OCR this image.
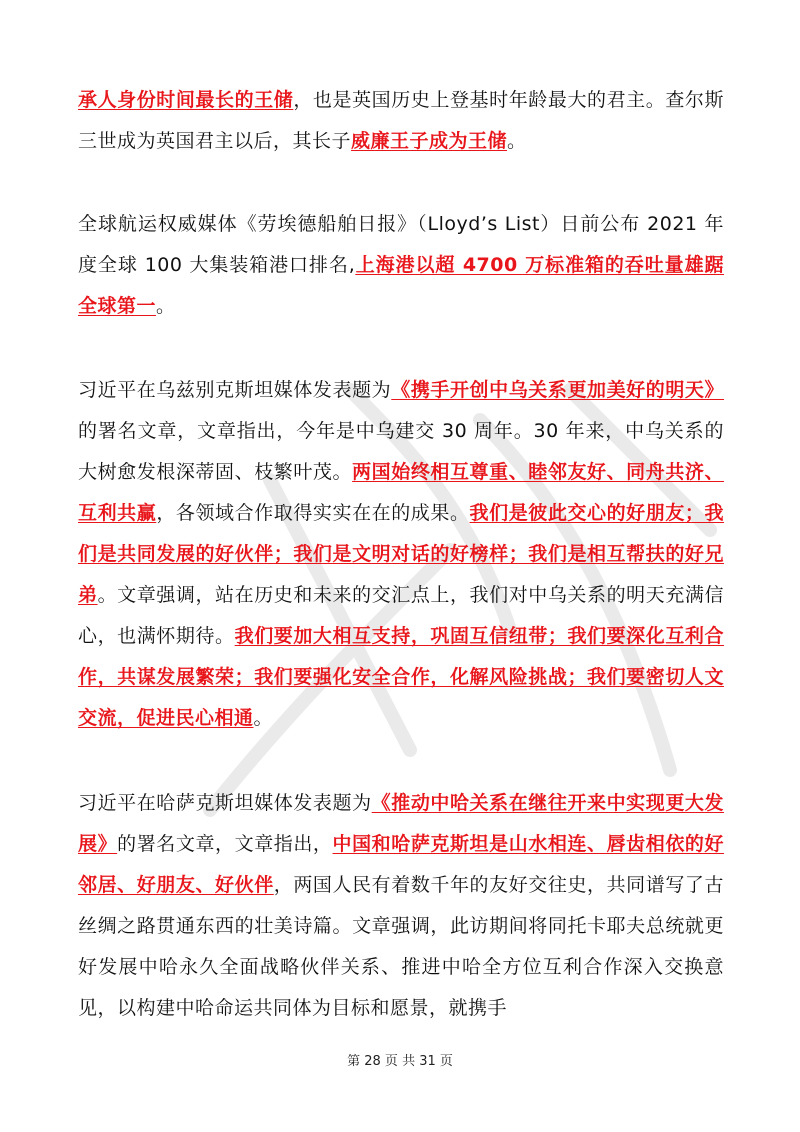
承人身份时间最长的王储，也是英国历史上登基时年龄最大的君主。查尔斯三世成为英国君主以后，其长子威廉王子成为王储。

全球航运权威媒体《劳埃德船舶日报》（Lloyd’s List）日前公布 2021 年度全球 100 大集装箱港口排名,上海港以超 4700 万标准箱的吞吐量雄踞全球第一。

习近平在乌兹别克斯坦媒体发表题为《携手开创中乌关系更加美好的明天》的署名文章，文章指出，今年是中乌建交 30 周年。30 年来，中乌关系的大树愈发根深蒂固、枝繁叶茂。两国始终相互尊重、睦邻友好、同舟共济、互利共赢，各领域合作取得实实在在的成果。我们是彼此交心的好朋友；我们是共同发展的好伙伴；我们是文明对话的好榜样；我们是相互帮扶的好兄弟。文章强调，站在历史和未来的交汇点上，我们对中乌关系的明天充满信心，也满怀期待。我们要加大相互支持，巩固互信纽带；我们要深化互利合作，共谋发展繁荣；我们要强化安全合作，化解风险挑战；我们要密切人文交流，促进民心相通。

习近平在哈萨克斯坦媒体发表题为《推动中哈关系在继往开来中实现更大发展》的署名文章，文章指出，中国和哈萨克斯坦是山水相连、唇齿相依的好邻居、好朋友、好伙伴，两国人民有着数千年的友好交往史，共同谱写了古丝绸之路贯通东西的壮美诗篇。文章强调，此访期间将同托卡耶夫总统就更好发展中哈永久全面战略伙伴关系、推进中哈全方位互利合作深入交换意见，以构建中哈命运共同体为目标和愿景，就携手

第 28 页 共 31 页
